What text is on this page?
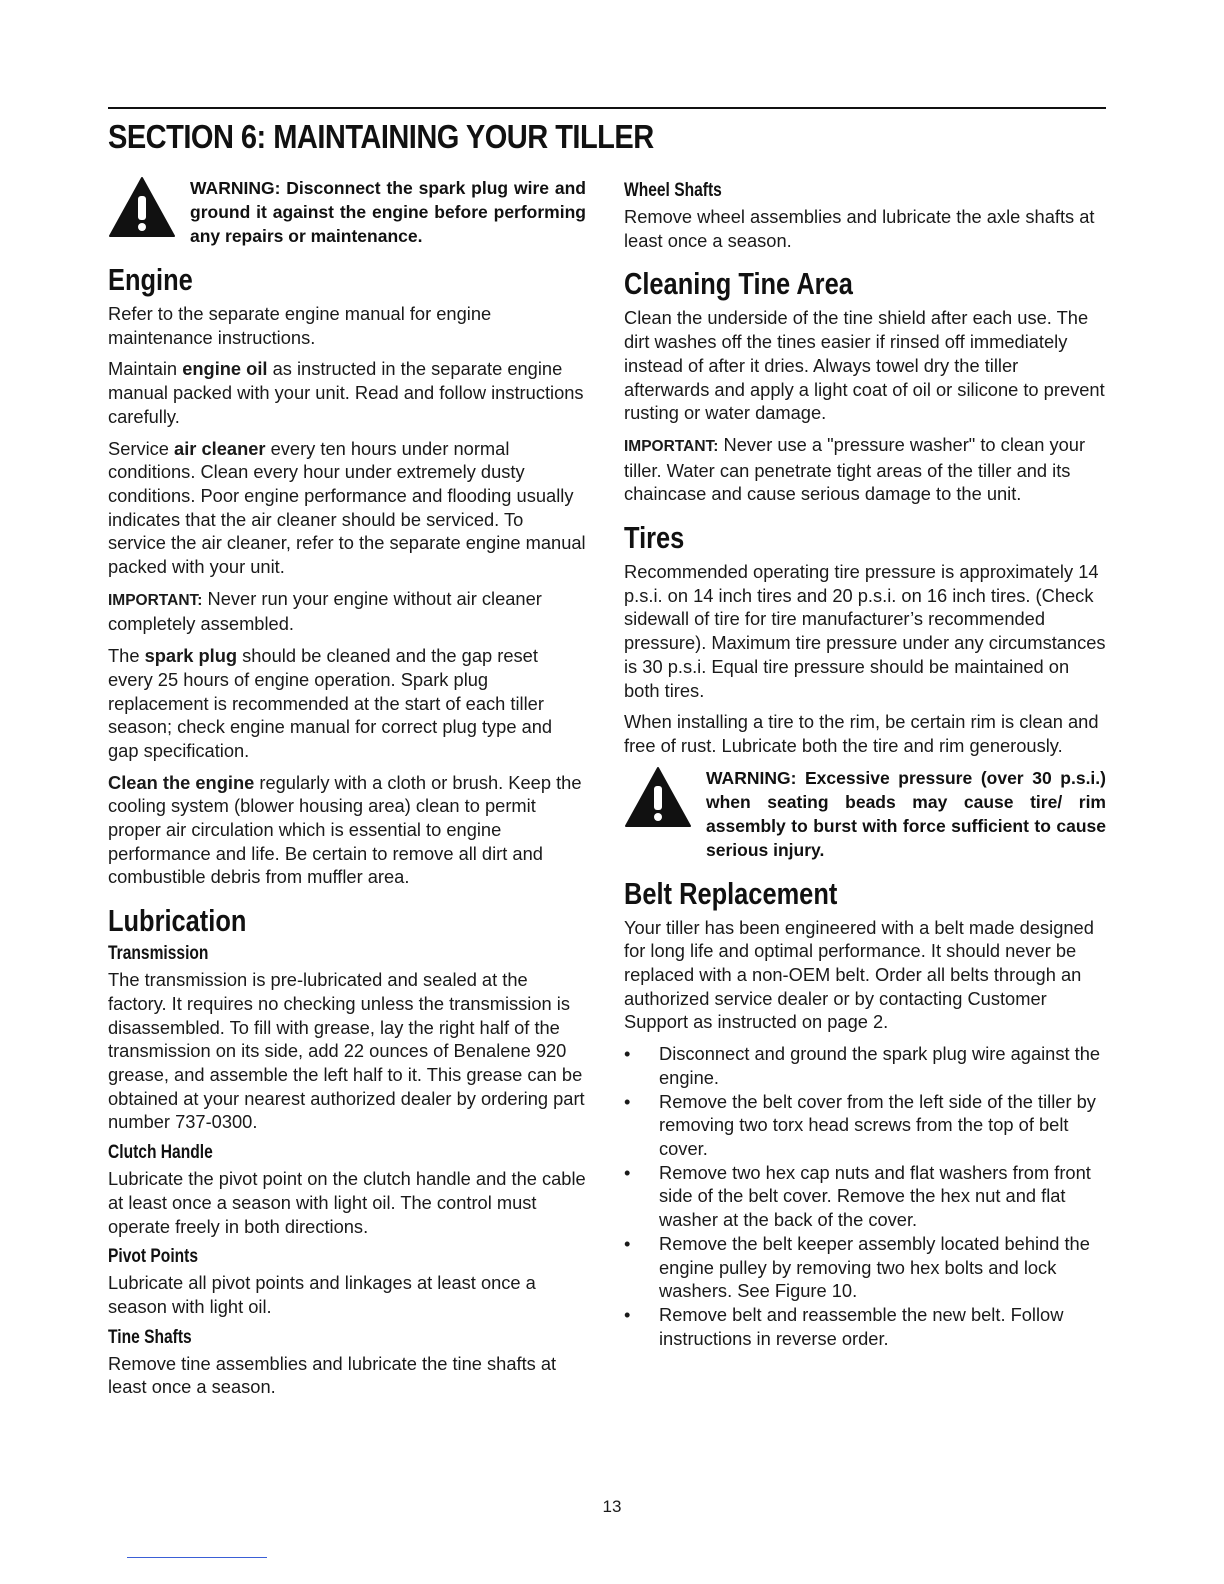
SECTION 6: MAINTAINING YOUR TILLER
WARNING: Disconnect the spark plug wire and ground it against the engine before performing any repairs or maintenance.
Engine

Refer to the separate engine manual for engine maintenance instructions.

Maintain engine oil as instructed in the separate engine manual packed with your unit. Read and follow instructions carefully.

Service air cleaner every ten hours under normal conditions. Clean every hour under extremely dusty conditions. Poor engine performance and flooding usually indicates that the air cleaner should be serviced. To service the air cleaner, refer to the separate engine manual packed with your unit.

IMPORTANT: Never run your engine without air cleaner completely assembled.

The spark plug should be cleaned and the gap reset every 25 hours of engine operation. Spark plug replacement is recommended at the start of each tiller season; check engine manual for correct plug type and gap specification.

Clean the engine regularly with a cloth or brush. Keep the cooling system (blower housing area) clean to permit proper air circulation which is essential to engine performance and life. Be certain to remove all dirt and combustible debris from muffler area.

Lubrication
Transmission

The transmission is pre-lubricated and sealed at the factory. It requires no checking unless the transmission is disassembled. To fill with grease, lay the right half of the transmission on its side, add 22 ounces of Benalene 920 grease, and assemble the left half to it. This grease can be obtained at your nearest authorized dealer by ordering part number 737-0300.

Clutch Handle

Lubricate the pivot point on the clutch handle and the cable at least once a season with light oil. The control must operate freely in both directions.

Pivot Points

Lubricate all pivot points and linkages at least once a season with light oil.

Tine Shafts

Remove tine assemblies and lubricate the tine shafts at least once a season.

Wheel Shafts

Remove wheel assemblies and lubricate the axle shafts at least once a season.

Cleaning Tine Area

Clean the underside of the tine shield after each use. The dirt washes off the tines easier if rinsed off immediately instead of after it dries. Always towel dry the tiller afterwards and apply a light coat of oil or silicone to prevent rusting or water damage.

IMPORTANT: Never use a "pressure washer" to clean your tiller. Water can penetrate tight areas of the tiller and its chaincase and cause serious damage to the unit.

Tires

Recommended operating tire pressure is approximately 14 p.s.i. on 14 inch tires and 20 p.s.i. on 16 inch tires. (Check sidewall of tire for tire manufacturer’s recommended pressure). Maximum tire pressure under any circumstances is 30 p.s.i. Equal tire pressure should be maintained on both tires.

When installing a tire to the rim, be certain rim is clean and free of rust. Lubricate both the tire and rim generously.

WARNING: Excessive pressure (over 30 p.s.i.) when seating beads may cause tire/ rim assembly to burst with force sufficient to cause serious injury.
Belt Replacement

Your tiller has been engineered with a belt made designed for long life and optimal performance. It should never be replaced with a non-OEM belt. Order all belts through an authorized service dealer or by contacting Customer Support as instructed on page 2.

• Disconnect and ground the spark plug wire against the engine.
• Remove the belt cover from the left side of the tiller by removing two torx head screws from the top of belt cover.
• Remove two hex cap nuts and flat washers from front side of the belt cover. Remove the hex nut and flat washer at the back of the cover.
• Remove the belt keeper assembly located behind the engine pulley by removing two hex bolts and lock washers. See Figure 10.
• Remove belt and reassemble the new belt. Follow instructions in reverse order.
13
